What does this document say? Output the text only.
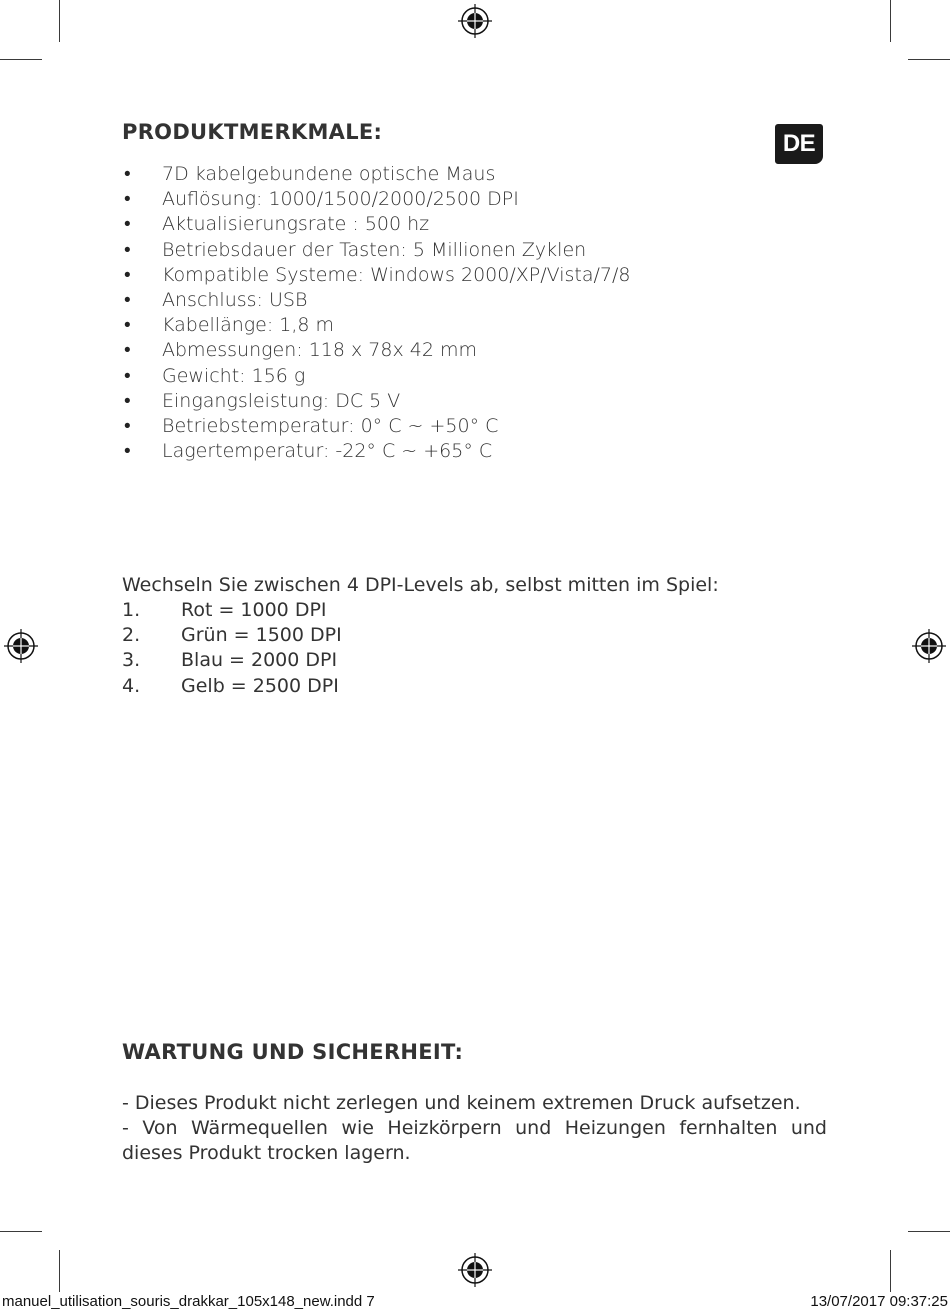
DE
PRODUKTMERKMALE:
• 7D kabelgebundene optische Maus
• Auflösung: 1000/1500/2000/2500 DPI
• Aktualisierungsrate : 500 hz
• Betriebsdauer der Tasten: 5 Millionen Zyklen
• Kompatible Systeme: Windows 2000/XP/Vista/7/8
• Anschluss: USB
• Kabellänge: 1,8 m
• Abmessungen: 118 x 78x 42 mm
• Gewicht: 156 g
• Eingangsleistung: DC 5 V
• Betriebstemperatur: 0° C ~ +50° C
• Lagertemperatur: -22° C ~ +65° C

Wechseln Sie zwischen 4 DPI-Levels ab, selbst mitten im Spiel:

1.	Rot = 1000 DPI
2.	Grün = 1500 DPI
3.	Blau = 2000 DPI
4.	Gelb = 2500 DPI
WARTUNG UND SICHERHEIT:

- Dieses Produkt nicht zerlegen und keinem extremen Druck aufsetzen.

- Von Wärmequellen wie Heizkörpern und Heizungen fernhalten und dieses Produkt trocken lagern.

manuel_utilisation_souris_drakkar_105x148_new.indd 7	13/07/2017 09:37:25
